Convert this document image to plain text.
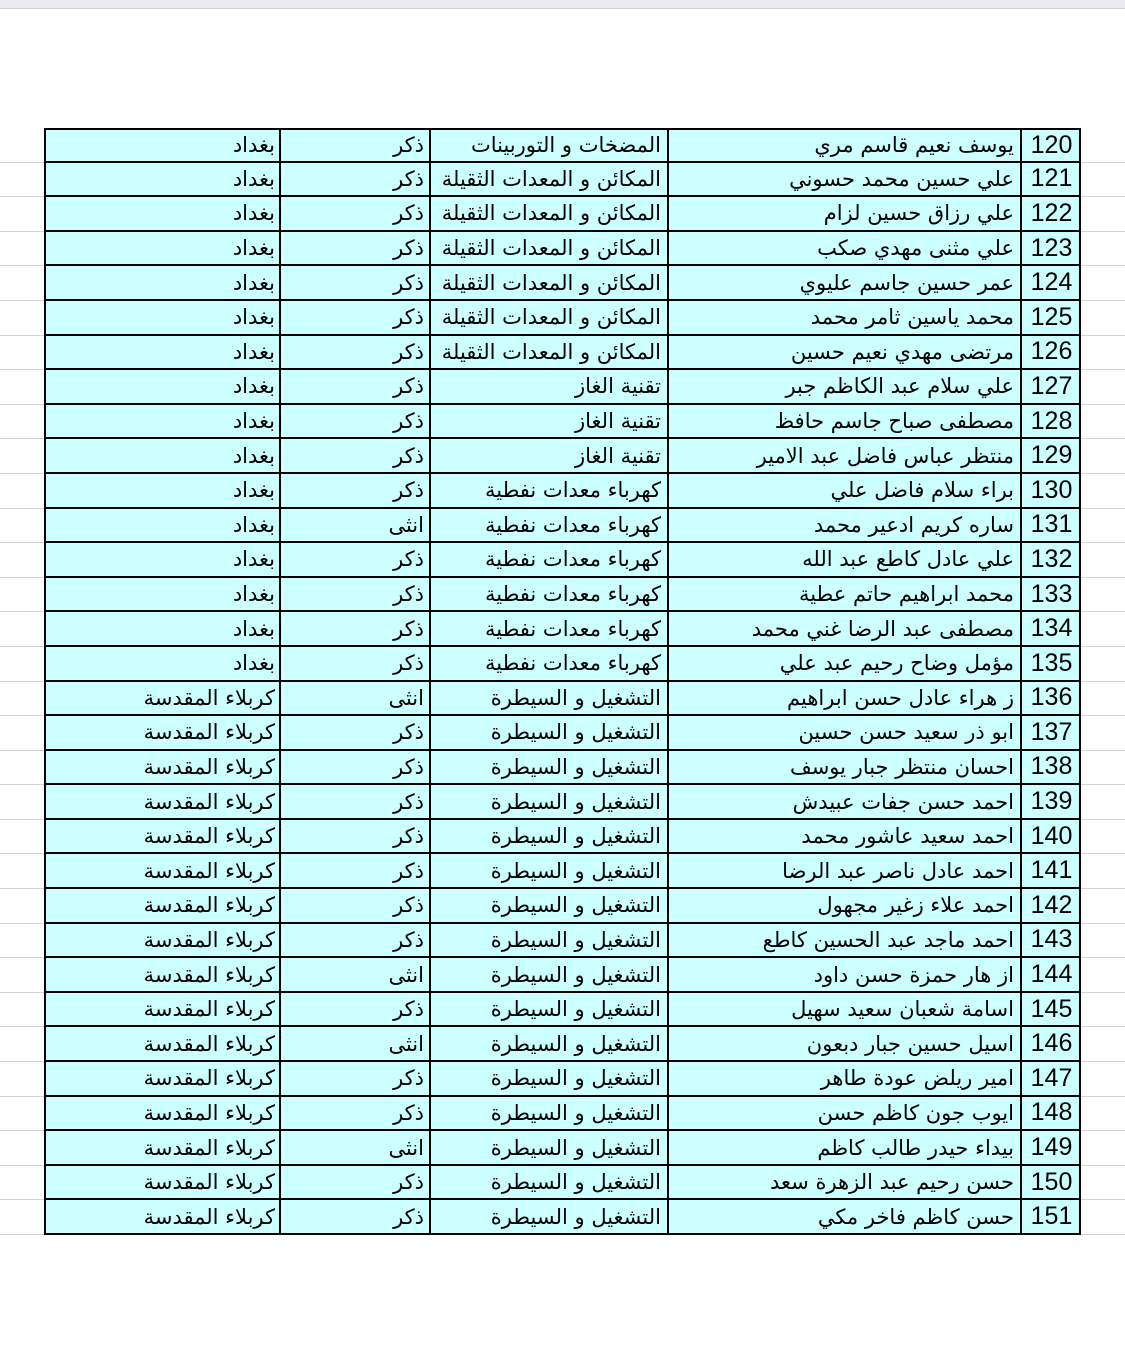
120
يوسف نعيم قاسم مري
المضخات و التوربينات
ذكر
بغداد
121
علي حسين محمد حسوني
المكائن و المعدات الثقيلة
ذكر
بغداد
122
علي رزاق حسين لزام
المكائن و المعدات الثقيلة
ذكر
بغداد
123
علي مثنى مهدي صكب
المكائن و المعدات الثقيلة
ذكر
بغداد
124
عمر حسين جاسم عليوي
المكائن و المعدات الثقيلة
ذكر
بغداد
125
محمد ياسين ثامر محمد
المكائن و المعدات الثقيلة
ذكر
بغداد
126
مرتضى مهدي نعيم حسين
المكائن و المعدات الثقيلة
ذكر
بغداد
127
علي سلام عبد الكاظم جبر
تقنية الغاز
ذكر
بغداد
128
مصطفى صباح جاسم حافظ
تقنية الغاز
ذكر
بغداد
129
منتظر عباس فاضل عبد الامير
تقنية الغاز
ذكر
بغداد
130
براء سلام فاضل علي
كهرباء معدات نفطية
ذكر
بغداد
131
ساره كريم ادعير محمد
كهرباء معدات نفطية
انثى
بغداد
132
علي عادل كاطع عبد الله
كهرباء معدات نفطية
ذكر
بغداد
133
محمد ابراهيم حاتم عطية
كهرباء معدات نفطية
ذكر
بغداد
134
مصطفى عبد الرضا غني محمد
كهرباء معدات نفطية
ذكر
بغداد
135
مؤمل وضاح رحيم عبد علي
كهرباء معدات نفطية
ذكر
بغداد
136
ز هراء عادل حسن ابراهيم
التشغيل و السيطرة
انثى
كربلاء المقدسة
137
ابو ذر سعيد حسن حسين
التشغيل و السيطرة
ذكر
كربلاء المقدسة
138
احسان منتظر جبار يوسف
التشغيل و السيطرة
ذكر
كربلاء المقدسة
139
احمد حسن جفات عبيدش
التشغيل و السيطرة
ذكر
كربلاء المقدسة
140
احمد سعيد عاشور محمد
التشغيل و السيطرة
ذكر
كربلاء المقدسة
141
احمد عادل ناصر عبد الرضا
التشغيل و السيطرة
ذكر
كربلاء المقدسة
142
احمد علاء زغير مجهول
التشغيل و السيطرة
ذكر
كربلاء المقدسة
143
احمد ماجد عبد الحسين كاطع
التشغيل و السيطرة
ذكر
كربلاء المقدسة
144
از هار حمزة حسن داود
التشغيل و السيطرة
انثى
كربلاء المقدسة
145
اسامة شعبان سعيد سهيل
التشغيل و السيطرة
ذكر
كربلاء المقدسة
146
اسيل حسين جبار دبعون
التشغيل و السيطرة
انثى
كربلاء المقدسة
147
امير ريلض عودة طاهر
التشغيل و السيطرة
ذكر
كربلاء المقدسة
148
ايوب جون كاظم حسن
التشغيل و السيطرة
ذكر
كربلاء المقدسة
149
بيداء حيدر طالب كاظم
التشغيل و السيطرة
انثى
كربلاء المقدسة
150
حسن رحيم عبد الزهرة سعد
التشغيل و السيطرة
ذكر
كربلاء المقدسة
151
حسن كاظم فاخر مكي
التشغيل و السيطرة
ذكر
كربلاء المقدسة
